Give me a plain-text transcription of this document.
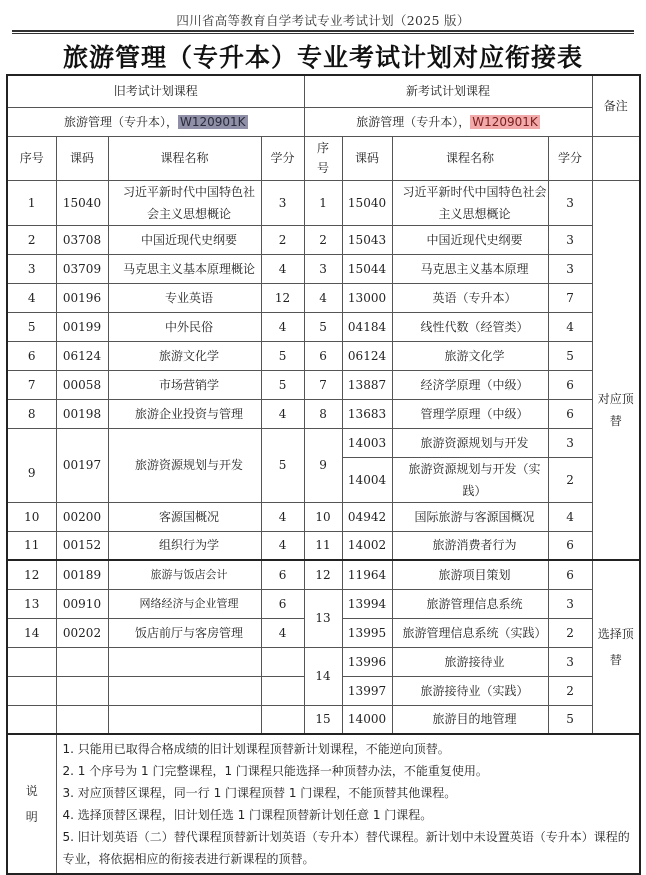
四川省高等教育自学考试专业考试计划（2025 版）
旅游管理（专升本）专业考试计划对应衔接表
旧考试计划课程				新考试计划课程				备注
旅游管理（专升本）， W120901K				旅游管理（专升本）， W120901K				
序号	课码	课程名称	学分	序号	课码	课程名称	学分	
1	15040	习近平新时代中国特色社会主义思想概论	3	1	15040	习近平新时代中国特色社会主义思想概论	3	对应顶替
2	03708	中国近现代史纲要	2	2	15043	中国近现代史纲要	3	
3	03709	马克思主义基本原理概论	4	3	15044	马克思主义基本原理	3	
4	00196	专业英语	12	4	13000	英语（专升本）	7	
5	00199	中外民俗	4	5	04184	线性代数（经管类）	4	
6	06124	旅游文化学	5	6	06124	旅游文化学	5	
7	00058	市场营销学	5	7	13887	经济学原理（中级）	6	
8	00198	旅游企业投资与管理	4	8	13683	管理学原理（中级）	6	
9	00197	旅游资源规划与开发	5	9	14003	旅游资源规划与开发	3	
					14004	旅游资源规划与开发（实践）	2	
10	00200	客源国概况	4	10	04942	国际旅游与客源国概况	4	
11	00152	组织行为学	4	11	14002	旅游消费者行为	6	
12	00189	旅游与饭店会计	6	12	11964	旅游项目策划	6	选择顶替
13	00910	网络经济与企业管理	6	13	13994	旅游管理信息系统	3	
14	00202	饭店前厅与客房管理	4		13995	旅游管理信息系统（实践）	2	
				14	13996	旅游接待业	3	
					13997	旅游接待业（实践）	2	
				15	14000	旅游目的地管理	5	

说明	1. 只能用已取得合格成绩的旧计划课程顶替新计划课程，不能逆向顶替。
2. 1 个序号为 1 门完整课程，1 门课程只能选择一种顶替办法，不能重复使用。
3. 对应顶替区课程，同一行 1 门课程顶替 1 门课程，不能顶替其他课程。
4. 选择顶替区课程，旧计划任选 1 门课程顶替新计划任意 1 门课程。
5. 旧计划英语（二）替代课程顶替新计划英语（专升本）替代课程。新计划中未设置英语（专升本）课程的专业，将依据相应的衔接表进行新课程的顶替。							
